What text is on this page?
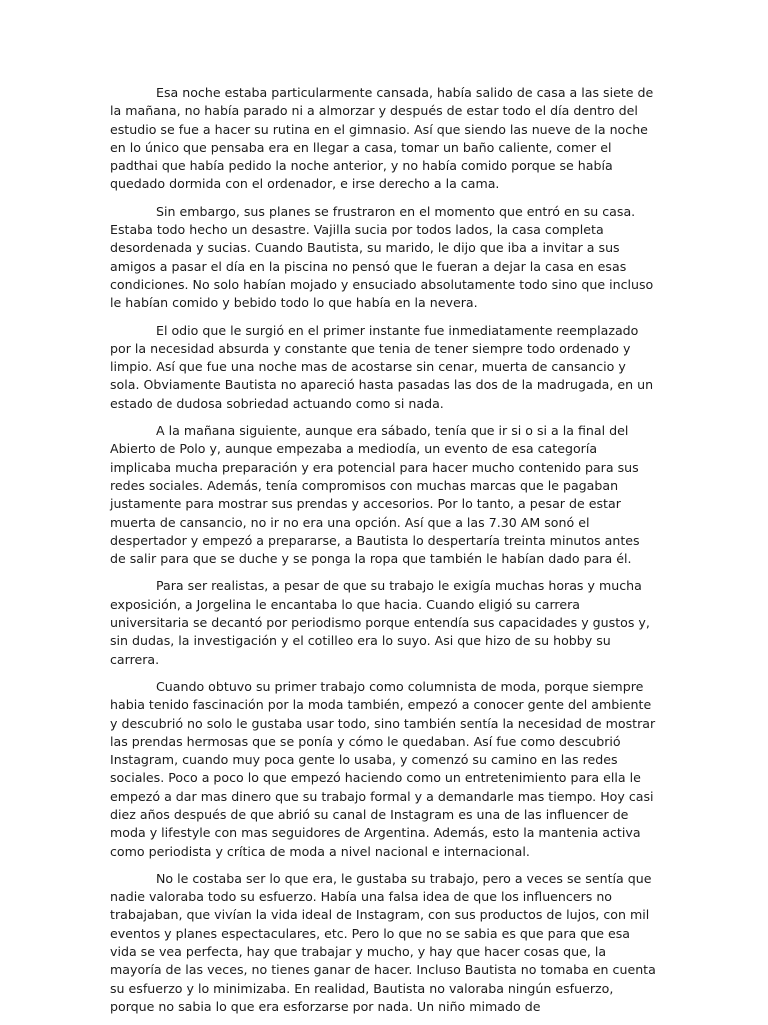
Esa noche estaba particularmente cansada, había salido de casa a las siete de la mañana, no había parado ni a almorzar y después de estar todo el día dentro del estudio se fue a hacer su rutina en el gimnasio. Así que siendo las nueve de la noche en lo único que pensaba era en llegar a casa, tomar un baño caliente, comer el padthai que había pedido la noche anterior, y no había comido porque se había quedado dormida con el ordenador, e irse derecho a la cama.

Sin embargo, sus planes se frustraron en el momento que entró en su casa. Estaba todo hecho un desastre. Vajilla sucia por todos lados, la casa completa desordenada y sucias. Cuando Bautista, su marido, le dijo que iba a invitar a sus amigos a pasar el día en la piscina no pensó que le fueran a dejar la casa en esas condiciones. No solo habían mojado y ensuciado absolutamente todo sino que incluso le habían comido y bebido todo lo que había en la nevera.

El odio que le surgió en el primer instante fue inmediatamente reemplazado por la necesidad absurda y constante que tenia de tener siempre todo ordenado y limpio. Así que fue una noche mas de acostarse sin cenar, muerta de cansancio y sola. Obviamente Bautista no apareció hasta pasadas las dos de la madrugada, en un estado de dudosa sobriedad actuando como si nada.

A la mañana siguiente, aunque era sábado, tenía que ir si o si a la final del Abierto de Polo y, aunque empezaba a mediodía, un evento de esa categoría implicaba mucha preparación y era potencial para hacer mucho contenido para sus redes sociales. Además, tenía compromisos con muchas marcas que le pagaban justamente para mostrar sus prendas y accesorios. Por lo tanto, a pesar de estar muerta de cansancio, no ir no era una opción. Así que a las 7.30 AM sonó el despertador y empezó a prepararse, a Bautista lo despertaría treinta minutos antes de salir para que se duche y se ponga la ropa que también le habían dado para él.

Para ser realistas, a pesar de que su trabajo le exigía muchas horas y mucha exposición, a Jorgelina le encantaba lo que hacia. Cuando eligió su carrera universitaria se decantó por periodismo porque entendía sus capacidades y gustos y, sin dudas, la investigación y el cotilleo era lo suyo. Asi que hizo de su hobby su carrera.

Cuando obtuvo su primer trabajo como columnista de moda, porque siempre habia tenido fascinación por la moda también, empezó a conocer gente del ambiente y descubrió no solo le gustaba usar todo, sino también sentía la necesidad de mostrar las prendas hermosas que se ponía y cómo le quedaban. Así fue como descubrió Instagram, cuando muy poca gente lo usaba, y comenzó su camino en las redes sociales. Poco a poco lo que empezó haciendo como un entretenimiento para ella le empezó a dar mas dinero que su trabajo formal y a demandarle mas tiempo. Hoy casi diez años después de que abrió su canal de Instagram es una de las influencer de moda y lifestyle con mas seguidores de Argentina. Además, esto la mantenia activa como periodista y crítica de moda a nivel nacional e internacional.

No le costaba ser lo que era, le gustaba su trabajo, pero a veces se sentía que nadie valoraba todo su esfuerzo. Había una falsa idea de que los influencers no trabajaban, que vivían la vida ideal de Instagram, con sus productos de lujos, con mil eventos y planes espectaculares, etc. Pero lo que no se sabia es que para que esa vida se vea perfecta, hay que trabajar y mucho, y hay que hacer cosas que, la mayoría de las veces, no tienes ganar de hacer. Incluso Bautista no tomaba en cuenta su esfuerzo y lo minimizaba. En realidad, Bautista no valoraba ningún esfuerzo, porque no sabia lo que era esforzarse por nada. Un niño mimado de
